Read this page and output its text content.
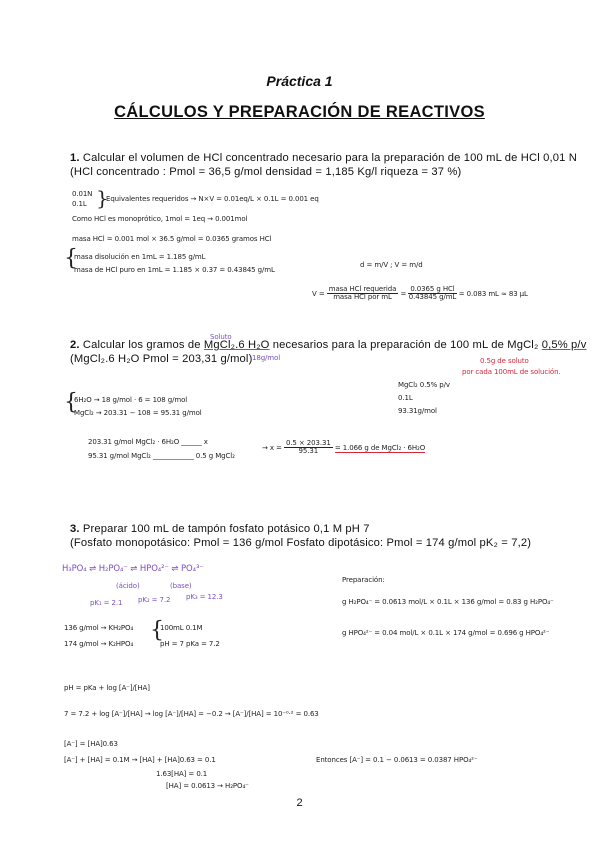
Práctica 1
CÁLCULOS Y PREPARACIÓN DE REACTIVOS
1. Calcular el volumen de HCl concentrado necesario para la preparación de 100 mL de HCl 0,01 N
(HCl concentrado : Pmol = 36,5 g/mol densidad = 1,185 Kg/l riqueza = 37 %)
0.01N
0.1L }
Equivalentes requeridos → N×V = 0.01eq/L × 0.1L = 0.001 eq
Como HCl es monoprótico, 1mol = 1eq → 0.001mol
masa HCl = 0.001 mol × 36.5 g/mol = 0.0365 gramos HCl
{
masa disolución en 1mL = 1.185 g/mL
masa de HCl puro en 1mL = 1.185 × 0.37 = 0.43845 g/mL
d = m/V ; V = m/d
$V = \frac{\text{masa HCl requerida}}{\text{masa HCl por mL}} = \frac{\text{0.0365 g HCl}}{0.43845 g/mL} = 0.083$ mL ≈ 83 µL
Soluto
2. Calcular los gramos de MgCl₂.6 H₂O necesarios para la preparación de 100 mL de MgCl₂ 0,5% p/v
18g/mol
(MgCl₂.6 H₂O Pmol = 203,31 g/mol)	0.5g de soluto
por cada 100mL de solución.
MgCl₂ 0.5% p/v
0.1L
93.31g/mol
{
6H₂O → 18 g/mol · 6 = 108 g/mol
MgCl₂ → 203.31 − 108 = 95.31 g/mol
203.31 g/mol MgCl₂ · 6H₂O ______ x
95.31 g/mol MgCl₂ ____________ 0.5 g MgCl₂
→ $x = \frac{0.5 \times 203.31}{95.31} = 1.066$ g de MgCl₂ · 6H₂O
3. Preparar 100 mL de tampón fosfato potásico 0,1 M pH 7
(Fosfato monopotásico: Pmol = 136 g/mol Fosfato dipotásico: Pmol = 174 g/mol pK₂ = 7,2)
H₃PO₄ ⇌ H₂PO₄⁻ ⇌ HPO₄²⁻ ⇌ PO₄³⁻
(ácido)	(base)
pK₁ = 2.1 pK₂ = 7.2 pK₃ = 12.3
Preparación:
g H₂PO₄⁻ = 0.0613 mol/L × 0.1L × 136 g/mol = 0.83 g H₂PO₄⁻
g HPO₄²⁻ = 0.04 mol/L × 0.1L × 174 g/mol = 0.696 g HPO₄²⁻
136 g/mol → KH₂PO₄
174 g/mol → K₂HPO₄
{
100mL 0.1M
pH = 7 pKa = 7.2
pH = pKa + log [A⁻]/[HA]
7 = 7.2 + log [A⁻]/[HA] → log [A⁻]/[HA] = −0.2 → [A⁻]/[HA] = 10⁻⁰·² = 0.63
[A⁻] = [HA]0.63
[A⁻] + [HA] = 0.1M → [HA] + [HA]0.63 = 0.1
1.63[HA] = 0.1
[HA] = 0.0613 → H₂PO₄⁻
Entonces [A⁻] = 0.1 − 0.0613 = 0.0387 HPO₄²⁻
2
